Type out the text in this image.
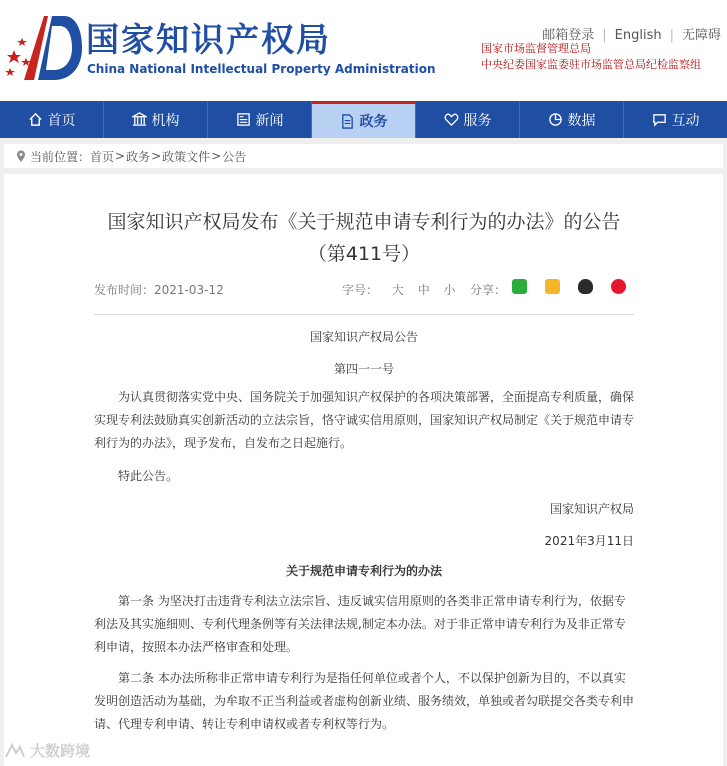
国家知识产权局
China National Intellectual Property Administration
邮箱登录 | English | 无障碍
国家市场监督管理总局
中央纪委国家监委驻市场监管总局纪检监察组
首页	机构	新闻	政务	服务	数据	互动
当前位置： 首页 > 政务 > 政策文件 > 公告
国家知识产权局发布《关于规范申请专利行为的办法》的公告（第411号）
发布时间：2021-03-12	字号： 大 中 小 分享：
国家知识产权局公告
第四一一号
为认真贯彻落实党中央、国务院关于加强知识产权保护的各项决策部署，全面提高专利质量，确保实现专利法鼓励真实创新活动的立法宗旨，恪守诚实信用原则，国家知识产权局制定《关于规范申请专利行为的办法》，现予发布，自发布之日起施行。
特此公告。
国家知识产权局
2021年3月11日
关于规范申请专利行为的办法
第一条 为坚决打击违背专利法立法宗旨、违反诚实信用原则的各类非正常申请专利行为，依据专利法及其实施细则、专利代理条例等有关法律法规,制定本办法。对于非正常申请专利行为及非正常专利申请，按照本办法严格审查和处理。
第二条 本办法所称非正常申请专利行为是指任何单位或者个人，不以保护创新为目的，不以真实发明创造活动为基础，为牟取不正当利益或者虚构创新业绩、服务绩效，单独或者勾联提交各类专利申请、代理专利申请、转让专利申请权或者专利权等行为。
大数跨境
